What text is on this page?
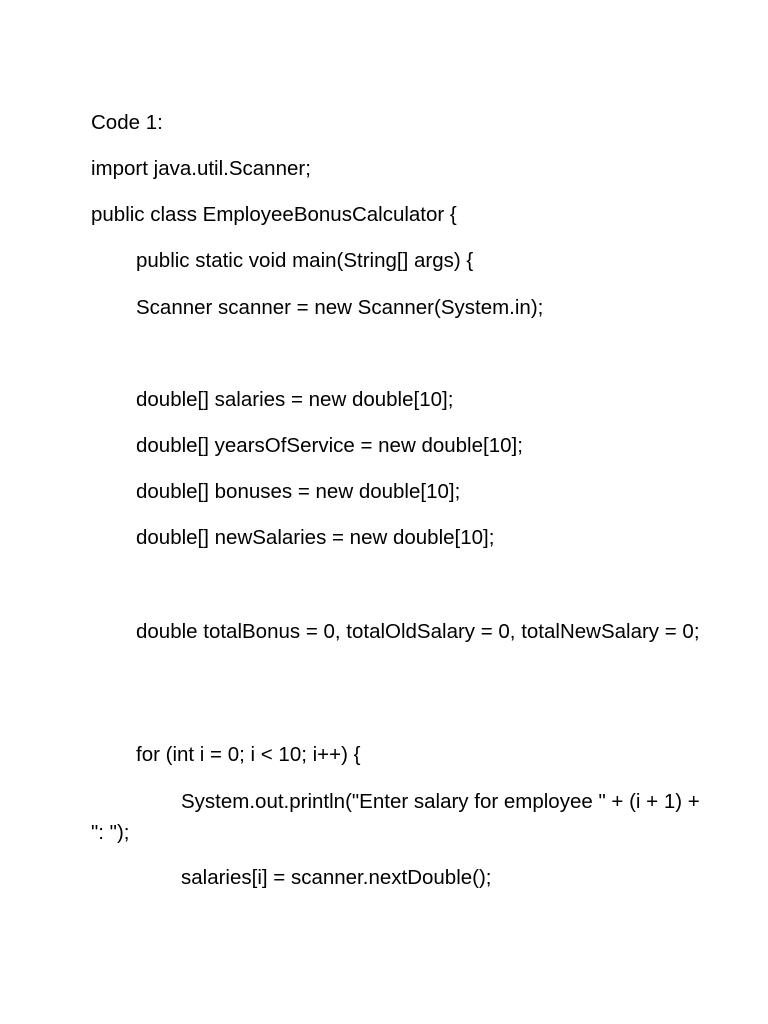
Code 1:
import java.util.Scanner;
public class EmployeeBonusCalculator {
public static void main(String[] args) {
Scanner scanner = new Scanner(System.in);
double[] salaries = new double[10];
double[] yearsOfService = new double[10];
double[] bonuses = new double[10];
double[] newSalaries = new double[10];
double totalBonus = 0, totalOldSalary = 0, totalNewSalary = 0;
for (int i = 0; i < 10; i++) {
System.out.println("Enter salary for employee " + (i + 1) + ": ");
salaries[i] = scanner.nextDouble();
